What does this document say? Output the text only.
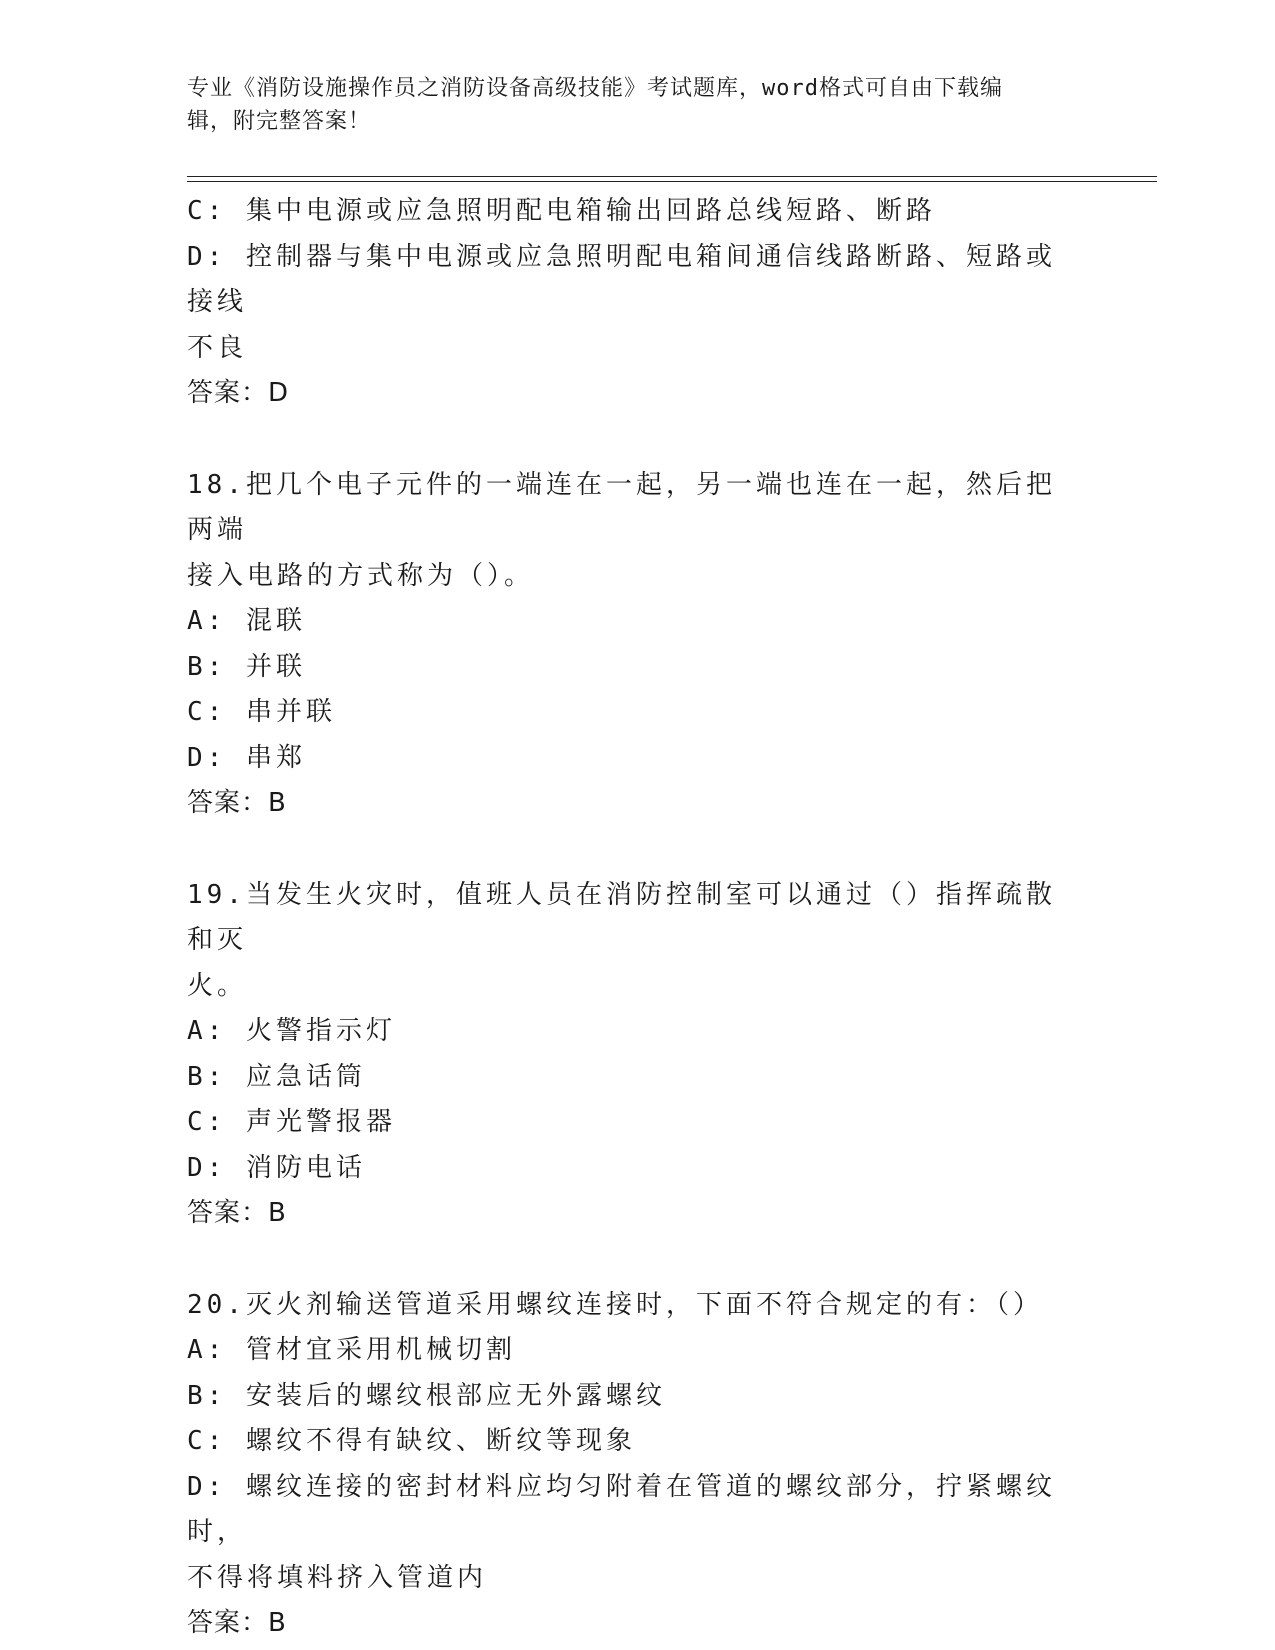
专业《消防设施操作员之消防设备高级技能》考试题库，word格式可自由下载编
辑，附完整答案！
C: 集中电源或应急照明配电箱输出回路总线短路、断路
D: 控制器与集中电源或应急照明配电箱间通信线路断路、短路或接线
不良
答案：D
18.把几个电子元件的一端连在一起，另一端也连在一起，然后把两端
接入电路的方式称为（）。
A: 混联
B: 并联
C: 串并联
D: 串郑
答案：B
19.当发生火灾时，值班人员在消防控制室可以通过（）指挥疏散和灭
火。
A: 火警指示灯
B: 应急话筒
C: 声光警报器
D: 消防电话
答案：B
20.灭火剂输送管道采用螺纹连接时，下面不符合规定的有：（）
A: 管材宜采用机械切割
B: 安装后的螺纹根部应无外露螺纹
C: 螺纹不得有缺纹、断纹等现象
D: 螺纹连接的密封材料应均匀附着在管道的螺纹部分，拧紧螺纹时，
不得将填料挤入管道内
答案：B
